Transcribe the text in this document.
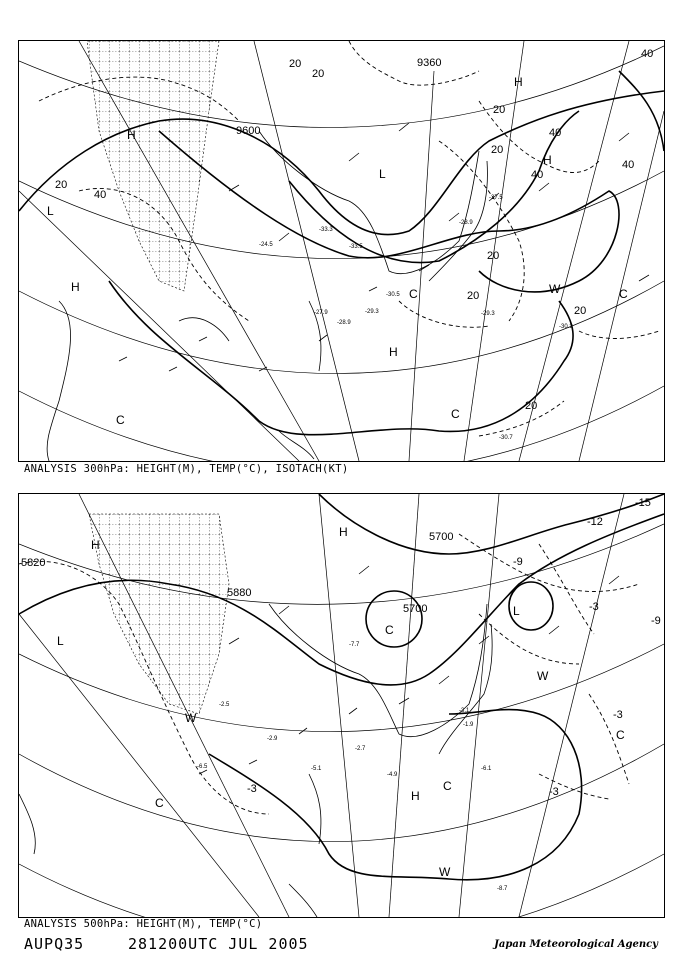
9600
9360
20
40
20
40
20
20
20
40
20
20
40
20
40
20
H
L
H
L
H
C
C
C
W	C
H
H
-27.9
-28.9
-30.5
-29.3	-29.3
-30.3
-30.7
-24.5
-33.3
-33.5
-28.9
-27.5
ANALYSIS 300hPa: HEIGHT(M), TEMP(°C), ISOTACH(KT)
5820
5880
5700
5700
-3
-9
-12
-15
-3
-9
-3
-3
H
L
C
H
L
W
W
C	H
C
W
C
-6.1
-4.9
-2.7
-2.9
-5.1
-8.7
-3.1
-1.9
-2.5
-6.5
-7.7
ANALYSIS 500hPa: HEIGHT(M), TEMP(°C)
AUPQ35	281200UTC JUL 2005	Japan Meteorological Agency
